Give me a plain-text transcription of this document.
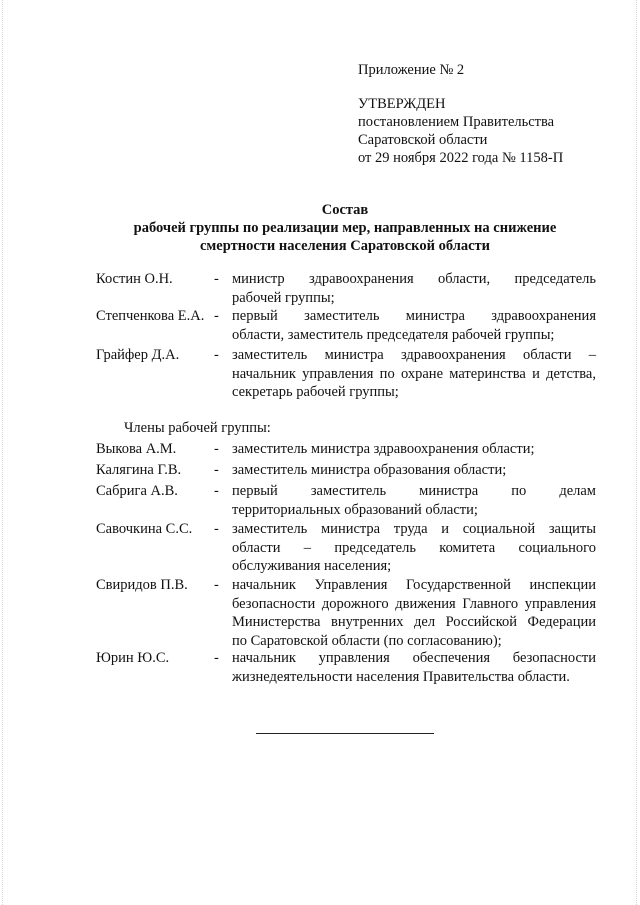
Приложение № 2
УТВЕРЖДЕН
постановлением Правительства
Саратовской области
от 29 ноября 2022 года № 1158-П
Состав
рабочей группы по реализации мер, направленных на снижение
смертности населения Саратовской области
Костин О.Н.	- министр здравоохранения области, председатель
рабочей группы;
Степченкова Е.А. - первый заместитель министра здравоохранения
области, заместитель председателя рабочей группы;
Грайфер Д.А. - заместитель министра здравоохранения области –
начальник управления по охране материнства и детства,
секретарь рабочей группы;
Члены рабочей группы:
Выкова А.М.	- заместитель министра здравоохранения области;
Калягина Г.В. - заместитель министра образования области;
Сабрига А.В. - первый заместитель министра по делам
территориальных образований области;
Савочкина С.С. - заместитель министра труда и социальной защиты
области – председатель комитета социального
обслуживания населения;
Свиридов П.В. - начальник Управления Государственной инспекции
безопасности дорожного движения Главного управления
Министерства внутренних дел Российской Федерации
по Саратовской области (по согласованию);
Юрин Ю.С.	- начальник управления обеспечения безопасности
жизнедеятельности населения Правительства области.
